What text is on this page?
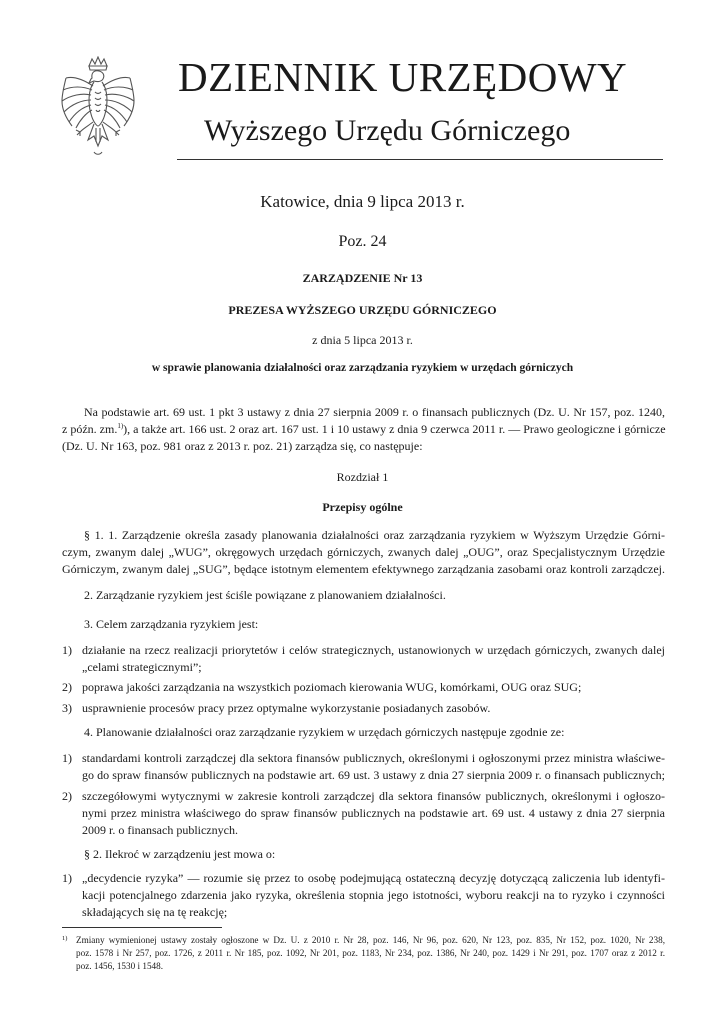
DZIENNIK URZĘDOWY
Wyższego Urzędu Górniczego
Katowice, dnia 9 lipca 2013 r.
Poz. 24
ZARZĄDZENIE Nr 13
PREZESA WYŻSZEGO URZĘDU GÓRNICZEGO
z dnia 5 lipca 2013 r.
w sprawie planowania działalności oraz zarządzania ryzykiem w urzędach górniczych
Na podstawie art. 69 ust. 1 pkt 3 ustawy z dnia 27 sierpnia 2009 r. o finansach publicznych (Dz. U. Nr 157, poz. 1240,
z późn. zm.$^{1)}$), a także art. 166 ust. 2 oraz art. 167 ust. 1 i 10 ustawy z dnia 9 czerwca 2011 r. — Prawo geologiczne i górnicze
(Dz. U. Nr 163, poz. 981 oraz z 2013 r. poz. 21) zarządza się, co następuje:
Rozdział 1
Przepisy ogólne
§ 1. 1. Zarządzenie określa zasady planowania działalności oraz zarządzania ryzykiem w Wyższym Urzędzie Górni-
czym, zwanym dalej „WUG”, okręgowych urzędach górniczych, zwanych dalej „OUG”, oraz Specjalistycznym Urzędzie
Górniczym, zwanym dalej „SUG”, będące istotnym elementem efektywnego zarządzania zasobami oraz kontroli zarządczej.
2. Zarządzanie ryzykiem jest ściśle powiązane z planowaniem działalności.
3. Celem zarządzania ryzykiem jest:
1) działanie na rzecz realizacji priorytetów i celów strategicznych, ustanowionych w urzędach górniczych, zwanych dalej
„celami strategicznymi”;
2) poprawa jakości zarządzania na wszystkich poziomach kierowania WUG, komórkami, OUG oraz SUG;
3) usprawnienie procesów pracy przez optymalne wykorzystanie posiadanych zasobów.
4. Planowanie działalności oraz zarządzanie ryzykiem w urzędach górniczych następuje zgodnie ze:
1) standardami kontroli zarządczej dla sektora finansów publicznych, określonymi i ogłoszonymi przez ministra właściwe-
go do spraw finansów publicznych na podstawie art. 69 ust. 3 ustawy z dnia 27 sierpnia 2009 r. o finansach publicznych;
2) szczegółowymi wytycznymi w zakresie kontroli zarządczej dla sektora finansów publicznych, określonymi i ogłoszo-
nymi przez ministra właściwego do spraw finansów publicznych na podstawie art. 69 ust. 4 ustawy z dnia 27 sierpnia
2009 r. o finansach publicznych.
§ 2. Ilekroć w zarządzeniu jest mowa o:
1) „decydencie ryzyka” — rozumie się przez to osobę podejmującą ostateczną decyzję dotyczącą zaliczenia lub identyfi-
kacji potencjalnego zdarzenia jako ryzyka, określenia stopnia jego istotności, wyboru reakcji na to ryzyko i czynności
składających się na tę reakcję;
1) Zmiany wymienionej ustawy zostały ogłoszone w Dz. U. z 2010 r. Nr 28, poz. 146, Nr 96, poz. 620, Nr 123, poz. 835, Nr 152, poz. 1020, Nr 238,
poz. 1578 i Nr 257, poz. 1726, z 2011 r. Nr 185, poz. 1092, Nr 201, poz. 1183, Nr 234, poz. 1386, Nr 240, poz. 1429 i Nr 291, poz. 1707 oraz z 2012 r.
poz. 1456, 1530 i 1548.
